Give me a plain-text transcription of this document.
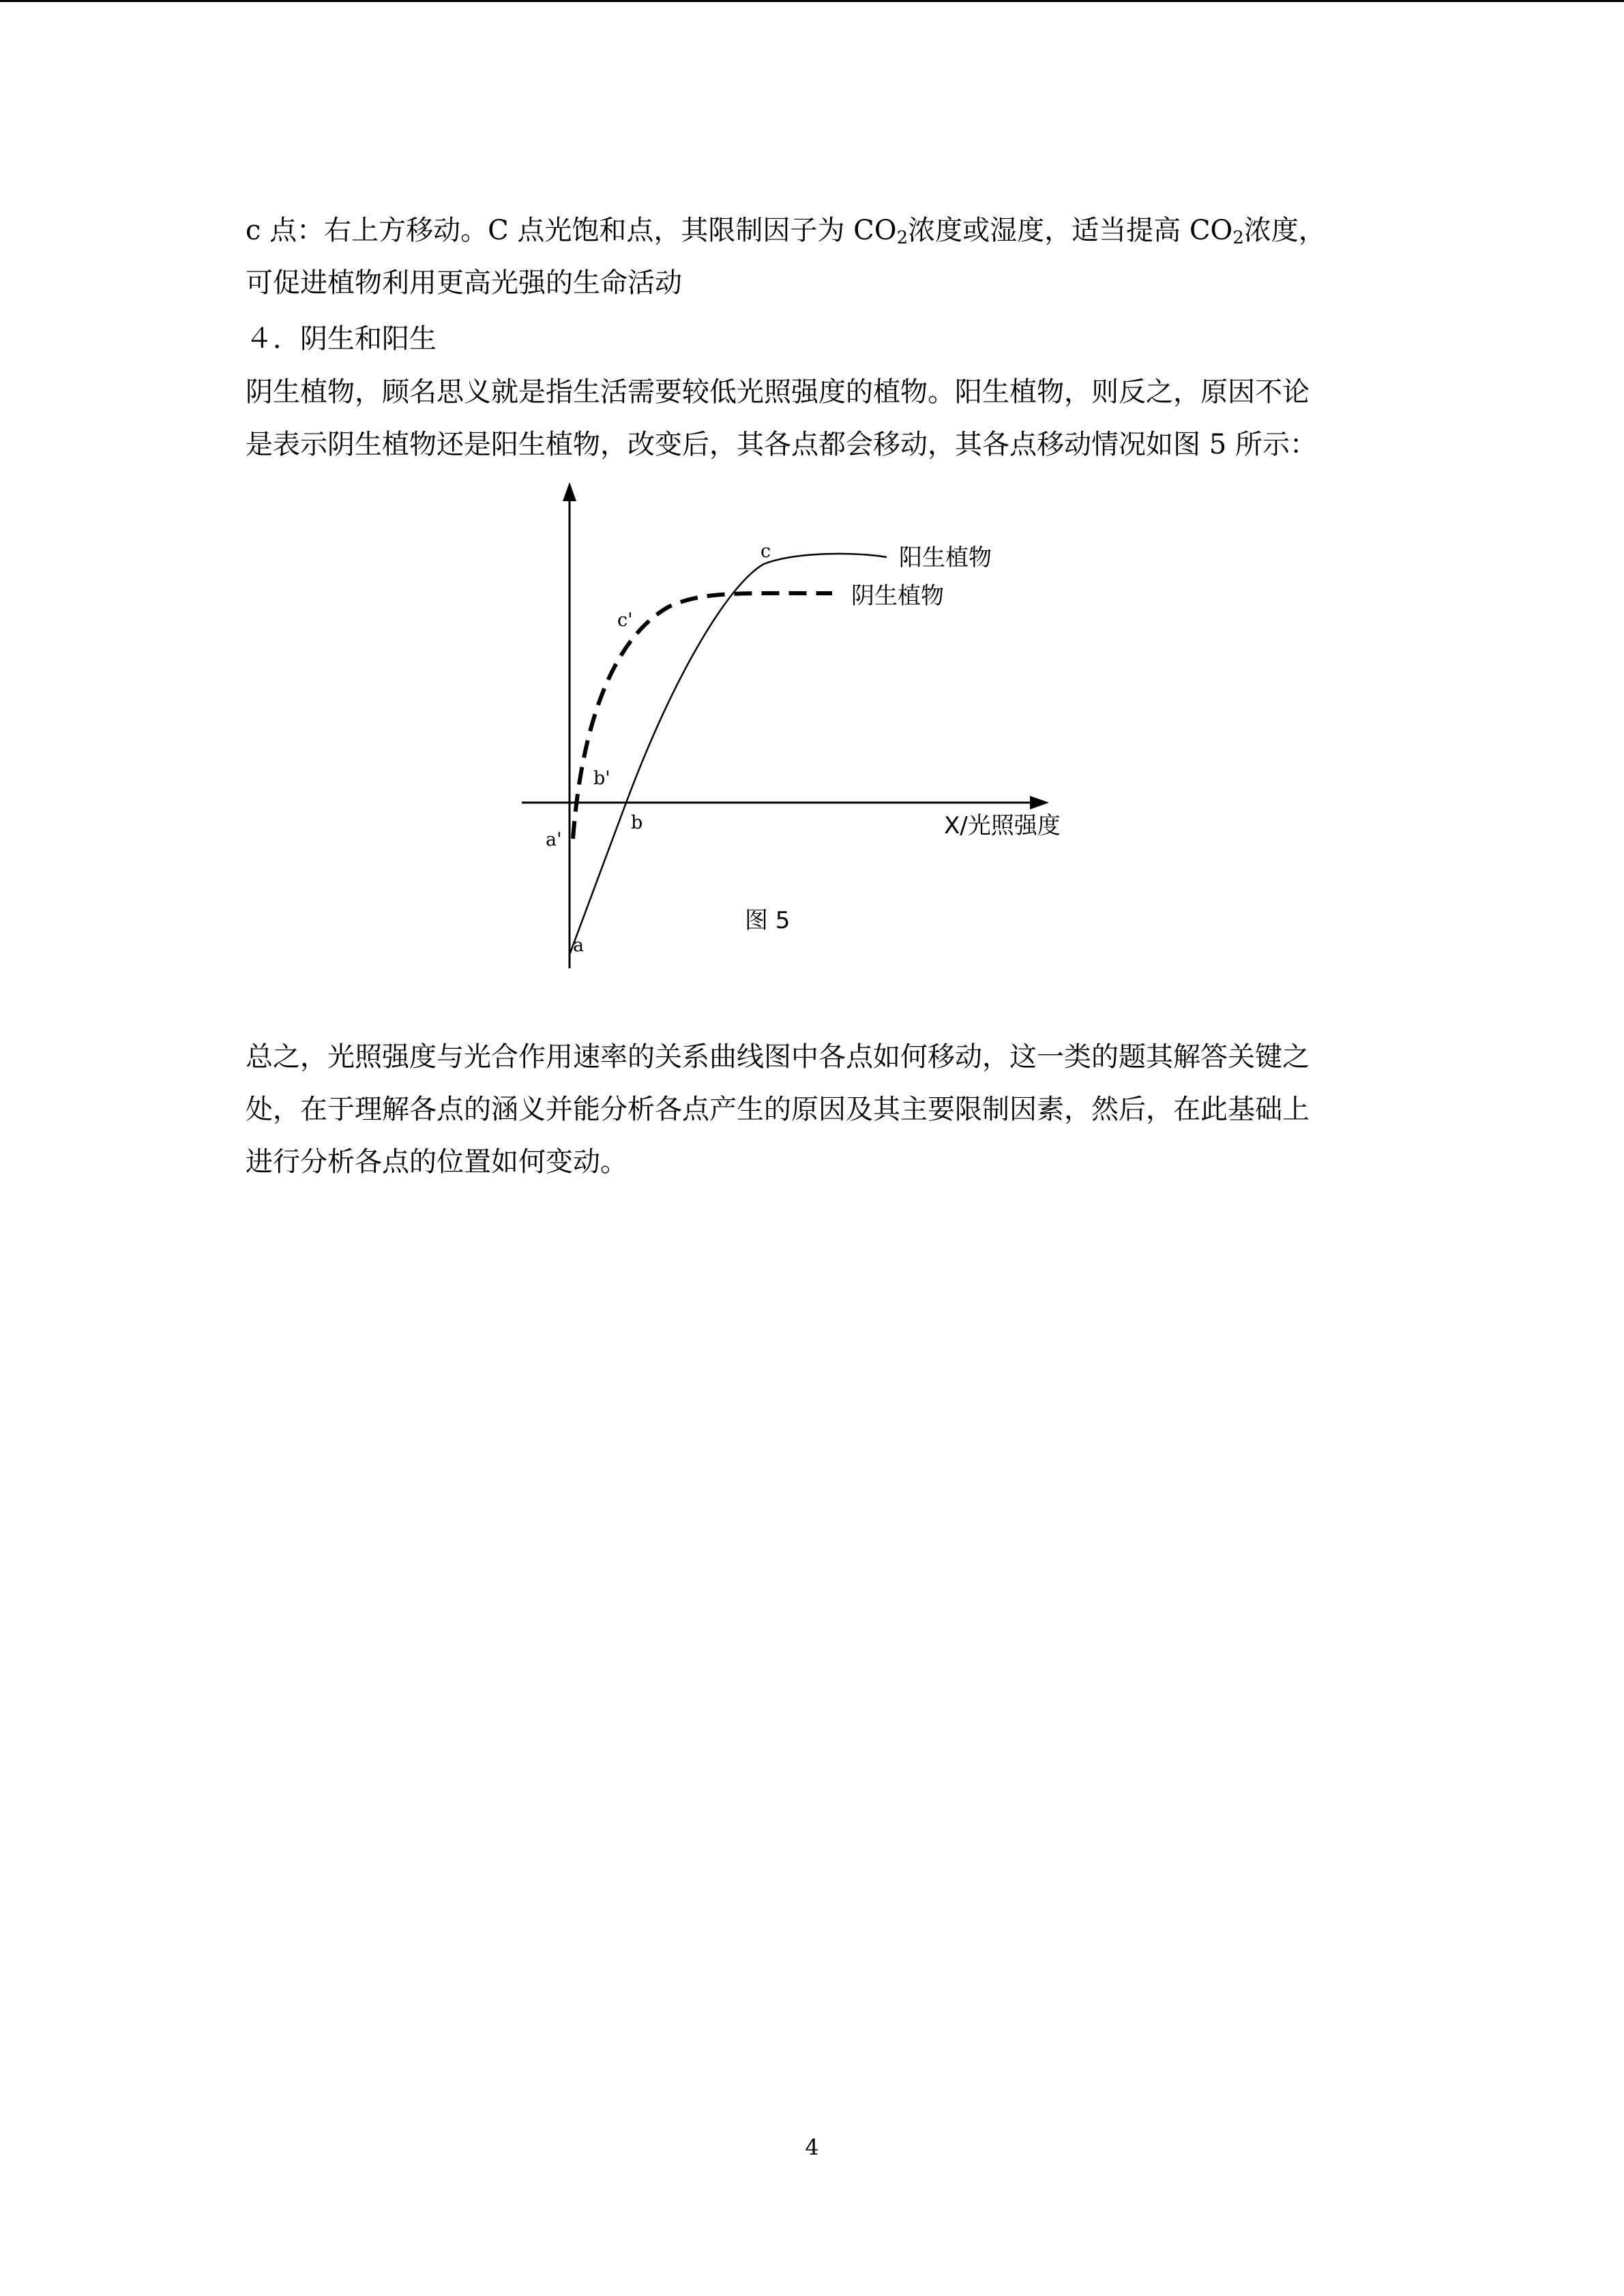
c 点：右上方移动。C 点光饱和点，其限制因子为 $CO_2$浓度或湿度，适当提高 $CO_2$浓度，
可促进植物利用更高光强的生命活动
４．阴生和阳生
阴生植物，顾名思义就是指生活需要较低光照强度的植物。阳生植物，则反之，原因不论
是表示阴生植物还是阳生植物，改变后，其各点都会移动，其各点移动情况如图 5 所示：
阳生植物
阴生植物
c
c'
b'
b
a'
a
X/光照强度
图 5
总之，光照强度与光合作用速率的关系曲线图中各点如何移动，这一类的题其解答关键之
处，在于理解各点的涵义并能分析各点产生的原因及其主要限制因素，然后，在此基础上
进行分析各点的位置如何变动。
4
